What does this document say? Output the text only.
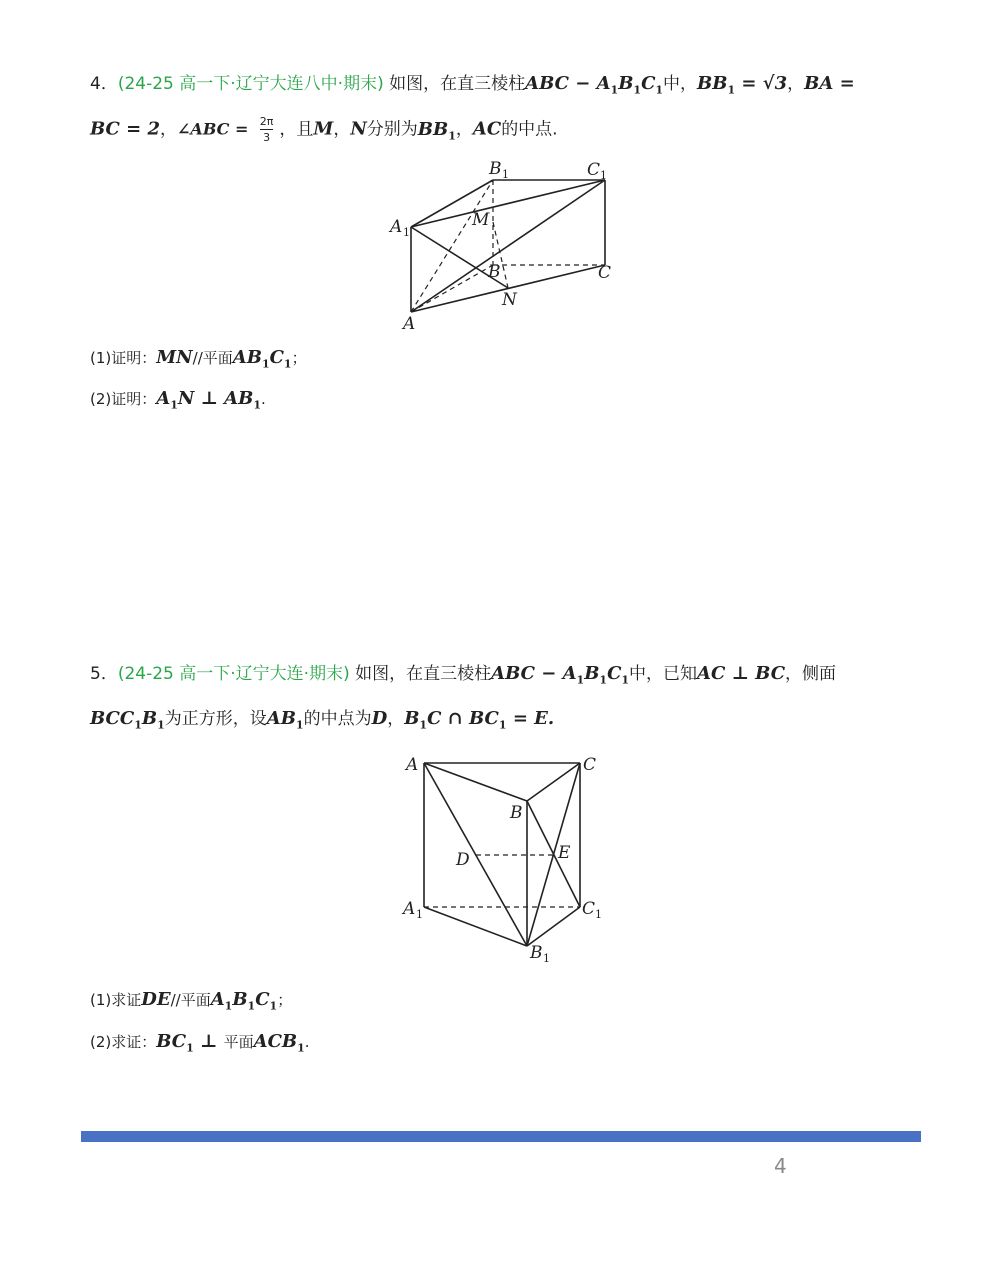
4．(24-25 高一下·辽宁大连八中·期末) 如图，在直三棱柱ABC − $A_1B_1C_1$中，$BB_1 = √3$，BA =
BC = 2，∠ABC = $\frac{2\pi}{3}$ ，且M，N分别为$BB_1$，AC的中点.
B 1	C 1
A 1
M
B	C
N
A
(1)证明：MN//平面$AB_1C_1$；
(2)证明：$A_1N$ ⊥ $AB_1$.
5．(24-25 高一下·辽宁大连·期末) 如图，在直三棱柱ABC − $A_1B_1C_1$中，已知AC ⊥ BC，侧面
$BCC_1B_1$为正方形，设$AB_1$的中点为D，$B_1C$ ∩ $BC_1 = E$.
A	C
B
D	E
A 1	C 1
B 1
(1)求证DE//平面$A_1B_1C_1$；
(2)求证：$BC_1$ ⊥ 平面$ACB_1$.
4
